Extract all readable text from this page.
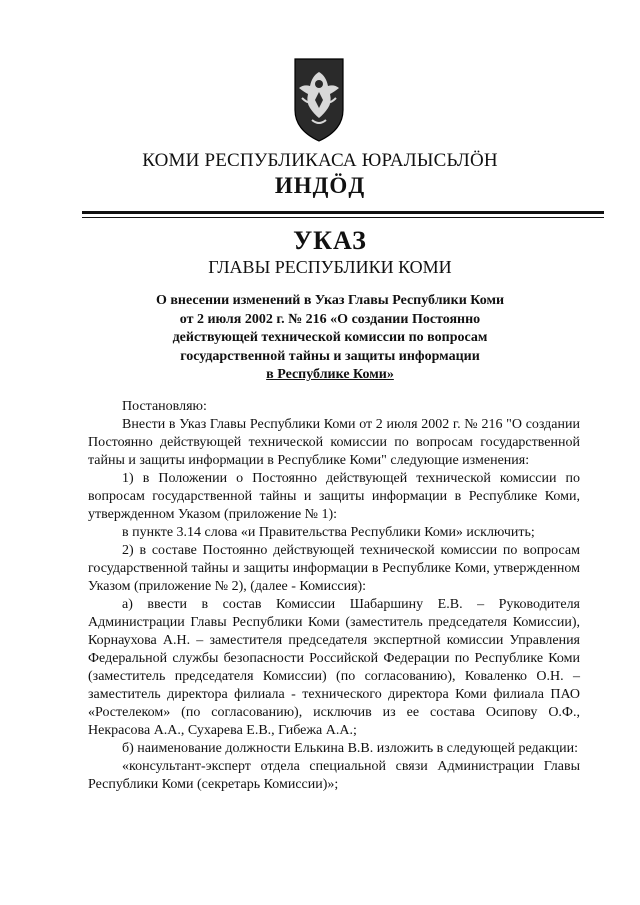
КОМИ РЕСПУБЛИКАСА ЮРАЛЫСЬЛӦН
ИНДӦД
УКАЗ
ГЛАВЫ РЕСПУБЛИКИ КОМИ
О внесении изменений в Указ Главы Республики Коми
от 2 июля 2002 г. № 216 «О создании Постоянно
действующей технической комиссии по вопросам
государственной тайны и защиты информации
в Республике Коми»

Постановляю:

Внести в Указ Главы Республики Коми от 2 июля 2002 г. № 216 "О создании Постоянно действующей технической комиссии по вопросам государственной тайны и защиты информации в Республике Коми" следующие изменения:

1) в Положении о Постоянно действующей технической комиссии по вопросам государственной тайны и защиты информации в Республике Коми, утвержденном Указом (приложение № 1):

в пункте 3.14 слова «и Правительства Республики Коми» исключить;

2) в составе Постоянно действующей технической комиссии по вопросам государственной тайны и защиты информации в Республике Коми, утвержденном Указом (приложение № 2), (далее - Комиссия):

а) ввести в состав Комиссии Шабаршину Е.В. – Руководителя Администрации Главы Республики Коми (заместитель председателя Комиссии), Корнаухова А.Н. – заместителя председателя экспертной комиссии Управления Федеральной службы безопасности Российской Федерации по Республике Коми (заместитель председателя Комиссии) (по согласованию), Коваленко О.Н. – заместитель директора филиала - технического директора Коми филиала ПАО «Ростелеком» (по согласованию), исключив из ее состава Осипову О.Ф., Некрасова А.А., Сухарева Е.В., Гибежа А.А.;

б) наименование должности Елькина В.В. изложить в следующей редакции:

«консультант-эксперт отдела специальной связи Администрации Главы Республики Коми (секретарь Комиссии)»;
